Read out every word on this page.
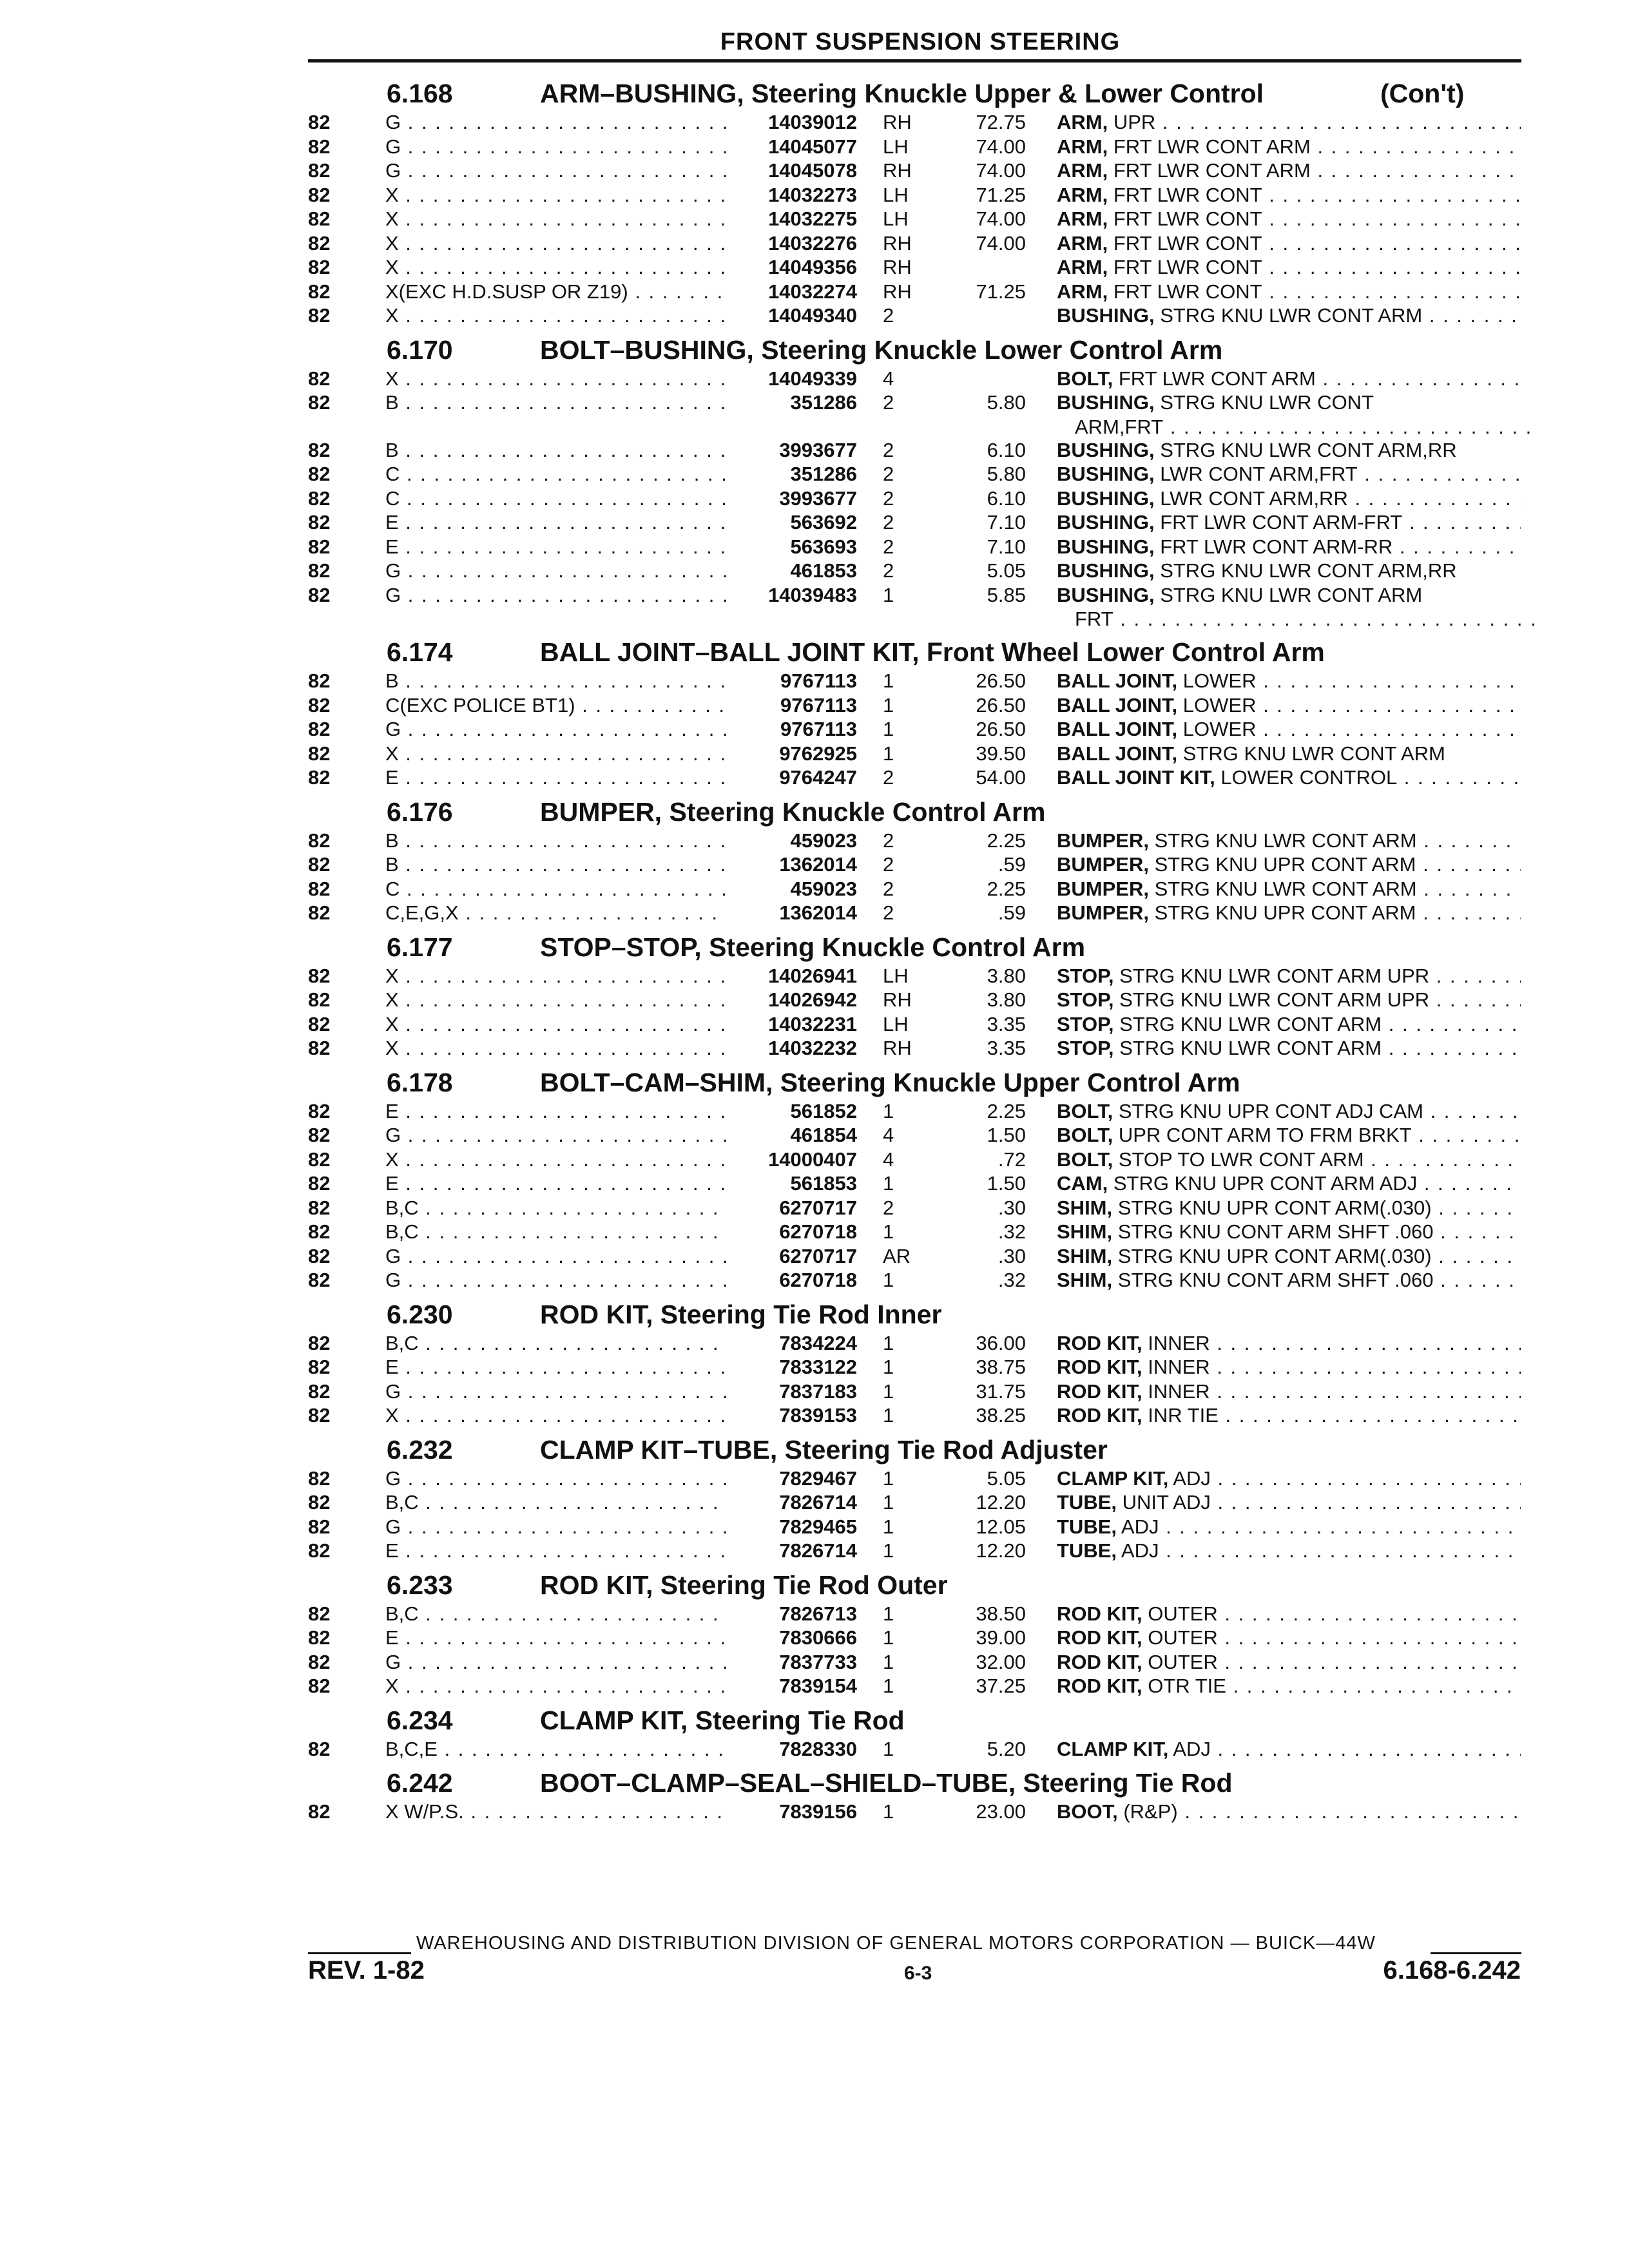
FRONT SUSPENSION STEERING
6.168	ARM–BUSHING, Steering Knuckle Upper & Lower Control	(Con't)
82	G . . .	14039012 RH	72.75 ARM, UPR . . .
82	G . . .	14045077 LH	74.00 ARM, FRT LWR CONT ARM . . .
82	G . . .	14045078 RH	74.00 ARM, FRT LWR CONT ARM . . .
82	X . . .	14032273 LH	71.25 ARM, FRT LWR CONT . . .
82	X . . .	14032275 LH	74.00 ARM, FRT LWR CONT . . .
82	X . . .	14032276 RH	74.00 ARM, FRT LWR CONT . . .
82	X . . .	14049356 RH	ARM, FRT LWR CONT . . .
82	X(EXC H.D.SUSP OR Z19) . . .	14032274 RH	71.25 ARM, FRT LWR CONT . . .
82	X . . .	14049340 2	BUSHING, STRG KNU LWR CONT ARM . . .
6.170	BOLT–BUSHING, Steering Knuckle Lower Control Arm
82	X . . .	14049339 4	BOLT, FRT LWR CONT ARM . . .
82	B . . .	351286 2	5.80 BUSHING, STRG KNU LWR CONT
ARM,FRT . . .
82	B . . .	3993677 2	6.10 BUSHING, STRG KNU LWR CONT ARM,RR
82	C . . .	351286 2	5.80 BUSHING, LWR CONT ARM,FRT . . .
82	C . . .	3993677 2	6.10 BUSHING, LWR CONT ARM,RR . . .
82	E . . .	563692 2	7.10 BUSHING, FRT LWR CONT ARM-FRT . . .
82	E . . .	563693 2	7.10 BUSHING, FRT LWR CONT ARM-RR . . .
82	G . . .	461853 2	5.05 BUSHING, STRG KNU LWR CONT ARM,RR
82	G . . .	14039483 1	5.85 BUSHING, STRG KNU LWR CONT ARM
FRT . . .
6.174	BALL JOINT–BALL JOINT KIT, Front Wheel Lower Control Arm
82	B . . .	9767113 1	26.50 BALL JOINT, LOWER . . .
82	C(EXC POLICE BT1) . . .	9767113 1	26.50 BALL JOINT, LOWER . . .
82	G . . .	9767113 1	26.50 BALL JOINT, LOWER . . .
82	X . . .	9762925 1	39.50 BALL JOINT, STRG KNU LWR CONT ARM
82	E . . .	9764247 2	54.00 BALL JOINT KIT, LOWER CONTROL . . .
6.176	BUMPER, Steering Knuckle Control Arm
82	B . . .	459023 2	2.25 BUMPER, STRG KNU LWR CONT ARM . . .
82	B . . .	1362014 2	.59 BUMPER, STRG KNU UPR CONT ARM . . .
82	C . . .	459023 2	2.25 BUMPER, STRG KNU LWR CONT ARM . . .
82	C,E,G,X . . .	1362014 2	.59 BUMPER, STRG KNU UPR CONT ARM . . .
6.177	STOP–STOP, Steering Knuckle Control Arm
82	X . . .	14026941 LH	3.80 STOP, STRG KNU LWR CONT ARM UPR . . .
82	X . . .	14026942 RH	3.80 STOP, STRG KNU LWR CONT ARM UPR . . .
82	X . . .	14032231 LH	3.35 STOP, STRG KNU LWR CONT ARM . . .
82	X . . .	14032232 RH	3.35 STOP, STRG KNU LWR CONT ARM . . .
6.178	BOLT–CAM–SHIM, Steering Knuckle Upper Control Arm
82	E . . .	561852 1	2.25 BOLT, STRG KNU UPR CONT ADJ CAM . . .
82	G . . .	461854 4	1.50 BOLT, UPR CONT ARM TO FRM BRKT . . .
82	X . . .	14000407 4	.72 BOLT, STOP TO LWR CONT ARM . . .
82	E . . .	561853 1	1.50 CAM, STRG KNU UPR CONT ARM ADJ . . .
82	B,C . . .	6270717 2	.30 SHIM, STRG KNU UPR CONT ARM(.030) . . .
82	B,C . . .	6270718 1	.32 SHIM, STRG KNU CONT ARM SHFT .060 . . .
82	G . . .	6270717 AR	.30 SHIM, STRG KNU UPR CONT ARM(.030) . . .
82	G . . .	6270718 1	.32 SHIM, STRG KNU CONT ARM SHFT .060 . . .
6.230	ROD KIT, Steering Tie Rod Inner
82	B,C . . .	7834224 1	36.00 ROD KIT, INNER . . .
82	E . . .	7833122 1	38.75 ROD KIT, INNER . . .
82	G . . .	7837183 1	31.75 ROD KIT, INNER . . .
82	X . . .	7839153 1	38.25 ROD KIT, INR TIE . . .
6.232	CLAMP KIT–TUBE, Steering Tie Rod Adjuster
82	G . . .	7829467 1	5.05 CLAMP KIT, ADJ . . .
82	B,C . . .	7826714 1	12.20 TUBE, UNIT ADJ . . .
82	G . . .	7829465 1	12.05 TUBE, ADJ . . .
82	E . . .	7826714 1	12.20 TUBE, ADJ . . .
6.233	ROD KIT, Steering Tie Rod Outer
82	B,C . . .	7826713 1	38.50 ROD KIT, OUTER . . .
82	E . . .	7830666 1	39.00 ROD KIT, OUTER . . .
82	G . . .	7837733 1	32.00 ROD KIT, OUTER . . .
82	X . . .	7839154 1	37.25 ROD KIT, OTR TIE . . .
6.234	CLAMP KIT, Steering Tie Rod
82	B,C,E . . .	7828330 1	5.20 CLAMP KIT, ADJ . . .
6.242	BOOT–CLAMP–SEAL–SHIELD–TUBE, Steering Tie Rod
82	X W/P.S. . . .	7839156 1	23.00 BOOT, (R&P) . . .
WAREHOUSING AND DISTRIBUTION DIVISION OF GENERAL MOTORS CORPORATION — BUICK—44W
REV. 1-82	6-3	6.168-6.242
